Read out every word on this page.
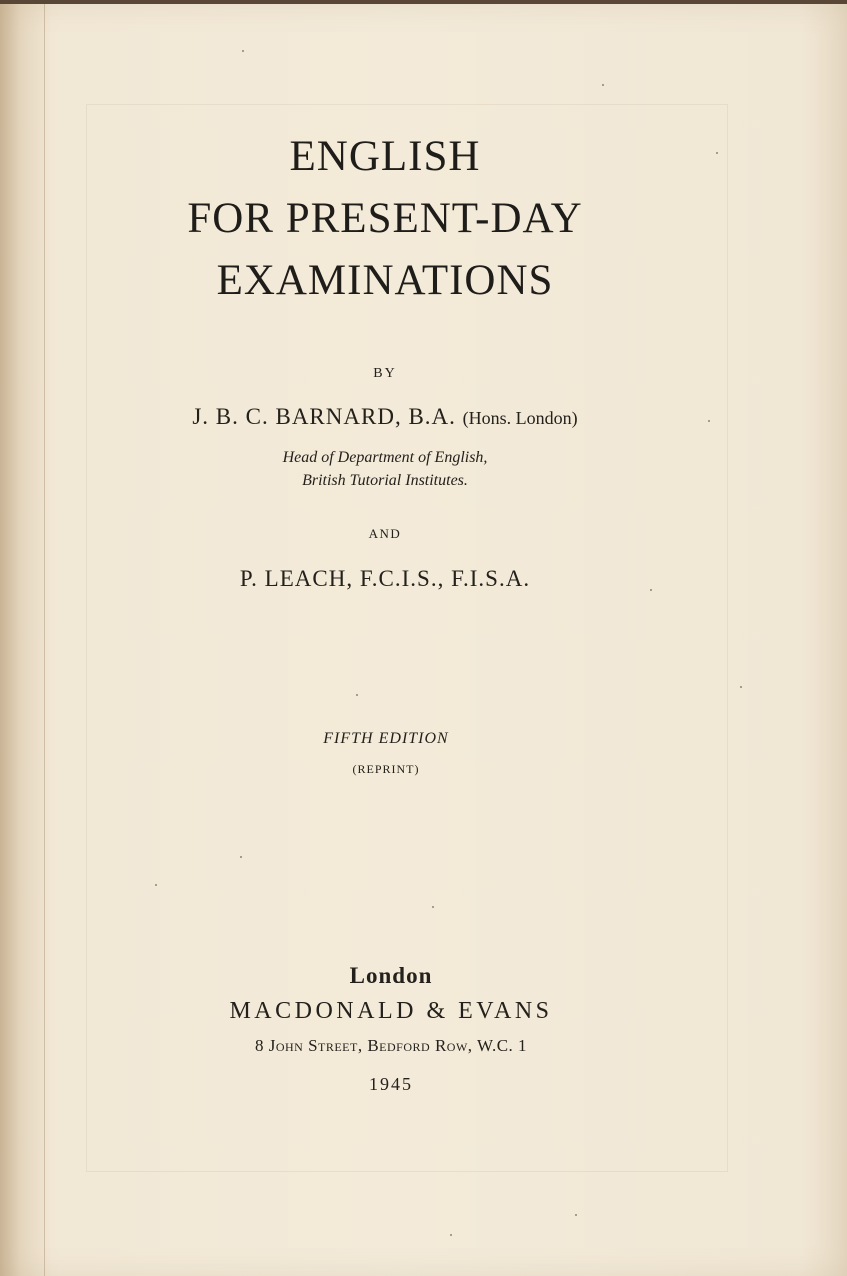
ENGLISH
FOR PRESENT-DAY
EXAMINATIONS
BY
J. B. C. BARNARD, B.A. (Hons. London)
Head of Department of English,
British Tutorial Institutes.
AND
P. LEACH, F.C.I.S., F.I.S.A.
FIFTH EDITION
(REPRINT)
London
MACDONALD & EVANS
8 John Street, Bedford Row, W.C. 1
1945
